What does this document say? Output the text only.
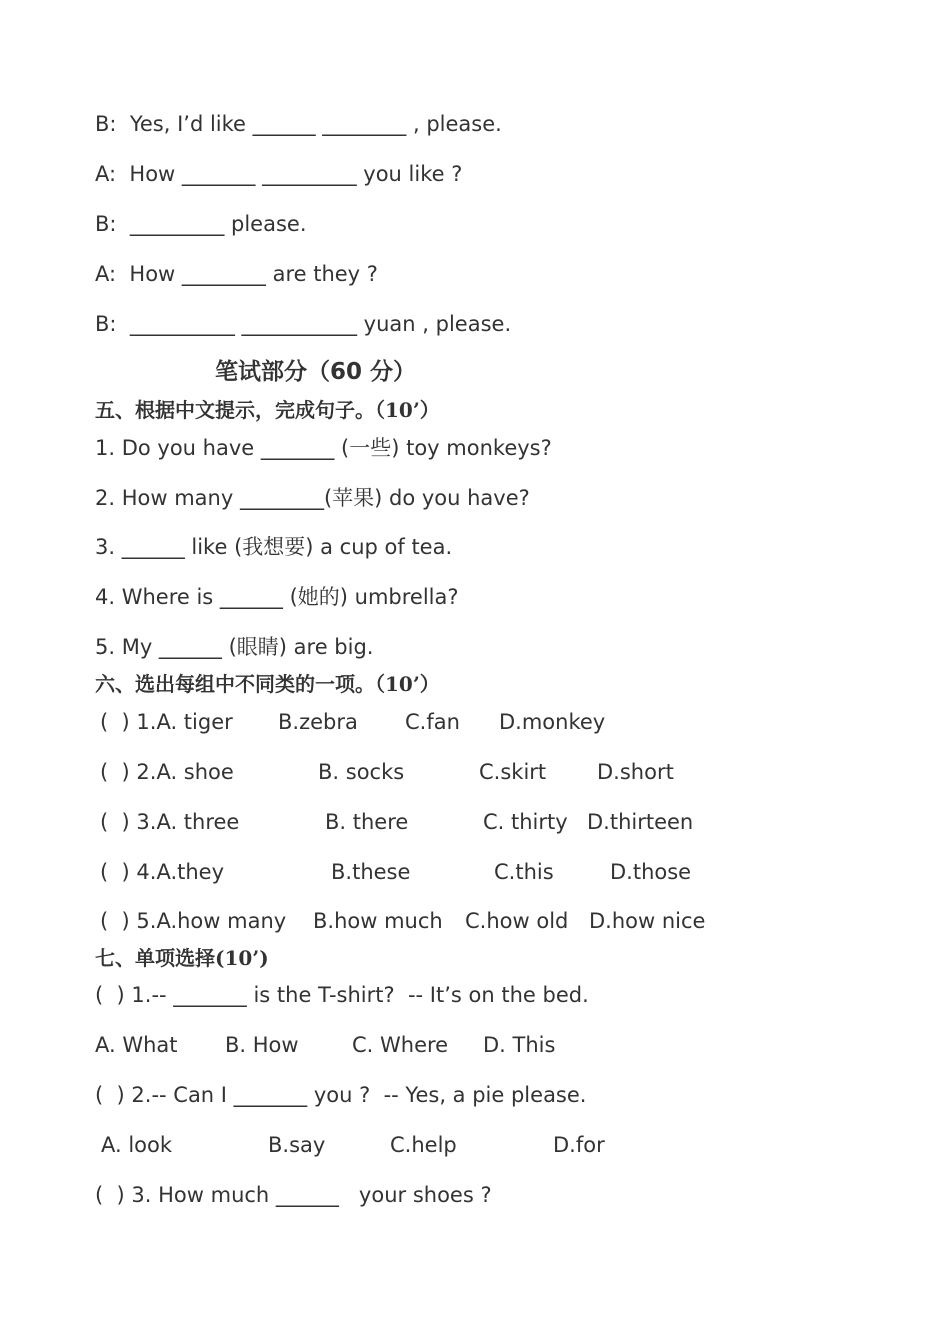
B:  Yes, I’d like ______ ________ , please.
A:  How _______ _________ you like ?
B:  _________ please.
A:  How ________ are they ?
B:  __________ ___________ yuan , please.
笔试部分（60 分）
五、根据中文提示，完成句子。（10’）
1. Do you have _______ (一些) toy monkeys?
2. How many ________(苹果) do you have?
3. ______ like (我想要) a cup of tea.
4. Where is ______ (她的) umbrella?
5. My ______ (眼睛) are big.
六、选出每组中不同类的一项。（10’）

(  ) 1.A. tiger

B.zebra

C.fan

D.monkey

(  ) 2.A. shoe

	B. socks

	C.skirt

D.short

(  ) 3.A. three

	B. there

	C. thirty

D.thirteen

(  ) 4.A.they

	B.these

	C.this

	D.those

(  ) 5.A.how many

B.how much

C.how old

D.how nice

七、单项选择(10’)
(  ) 1.-- _______ is the T-shirt?  -- It’s on the bed.

A. What

B. How

	C. Where

D. This

(  ) 2.-- Can I _______ you ?  -- Yes, a pie please.

A. look

	B.say

	C.help

	D.for

(  ) 3. How much ______   your shoes ?
